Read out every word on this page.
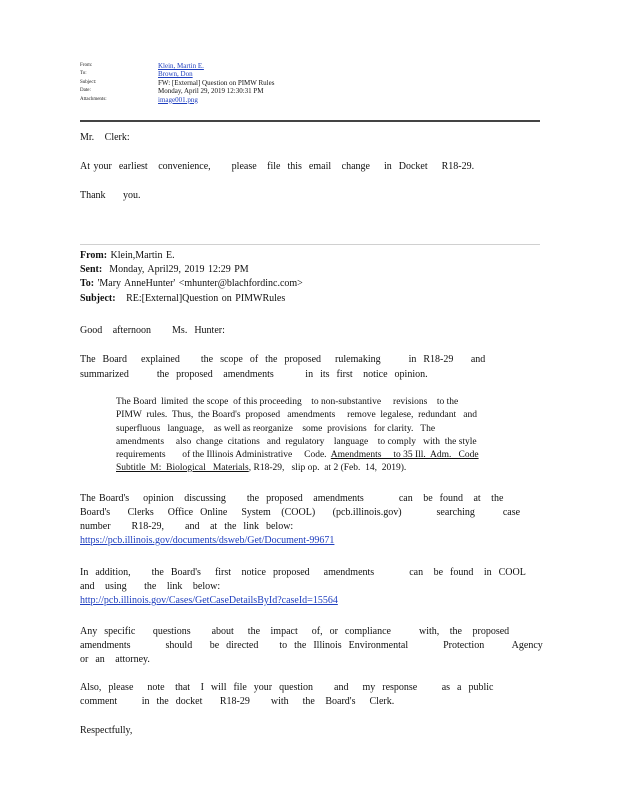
From:	Klein, Martin E.
To:	Brown, Don
Subject:	FW: [External] Question on PIMW Rules
Date:	Monday, April 29, 2019 12:30:31 PM
Attachments:	image001.png
Mr.   Clerk:
At your  earliest   convenience,      please   file  this  email   change    in  Docket    R18-29.
Thank     you.
From: Klein,Martin E.
Sent:  Monday, April29, 2019 12:29 PM
To: 'Mary AnneHunter' <mhunter@blachfordinc.com>
Subject:   RE:[External]Question on PIMWRules
Good   afternoon      Ms.  Hunter:
The  Board    explained      the  scope  of  the  proposed    rulemaking        in  R18-29     and
summarized        the  proposed   amendments         in  its  first   notice  opinion.
The Board  limited  the scope  of this proceeding    to non-substantive     revisions    to the
PIMW  rules.  Thus,  the Board's  proposed   amendments     remove  legalese,  redundant   and
superfluous   language,    as well as reorganize    some  provisions   for clarity.   The
amendments     also  change  citations   and  regulatory    language    to comply   with  the style
requirements       of the Illinois Administrative     Code. Amendments     to 35 Ill.  Adm.   Code
Subtitle  M:  Biological   Materials, R18-29,   slip op.  at 2 (Feb.  14,  2019).
The Board's    opinion   discussing      the  proposed   amendments          can   be  found   at   the
Board's     Clerks    Office  Online    System   (COOL)     (pcb.illinois.gov)          searching        case
number      R18-29,      and   at  the  link  below:
https://pcb.illinois.gov/documents/dsweb/Get/Document-99671
In  addition,      the  Board's    first   notice  proposed    amendments          can   be  found   in  COOL
and   using     the   link   below:
http://pcb.illinois.gov/Cases/GetCaseDetailsById?caseId=15564
Any  specific     questions      about    the   impact    of,  or  compliance        with,   the   proposed
amendments          should     be  directed      to  the  Illinois  Environmental          Protection        Agency
or  an   attorney.
Also,  please    note   that   I  will  file  your  question      and    my  response       as  a  public
comment       in  the  docket     R18-29      with    the   Board's    Clerk.
Respectfully,
